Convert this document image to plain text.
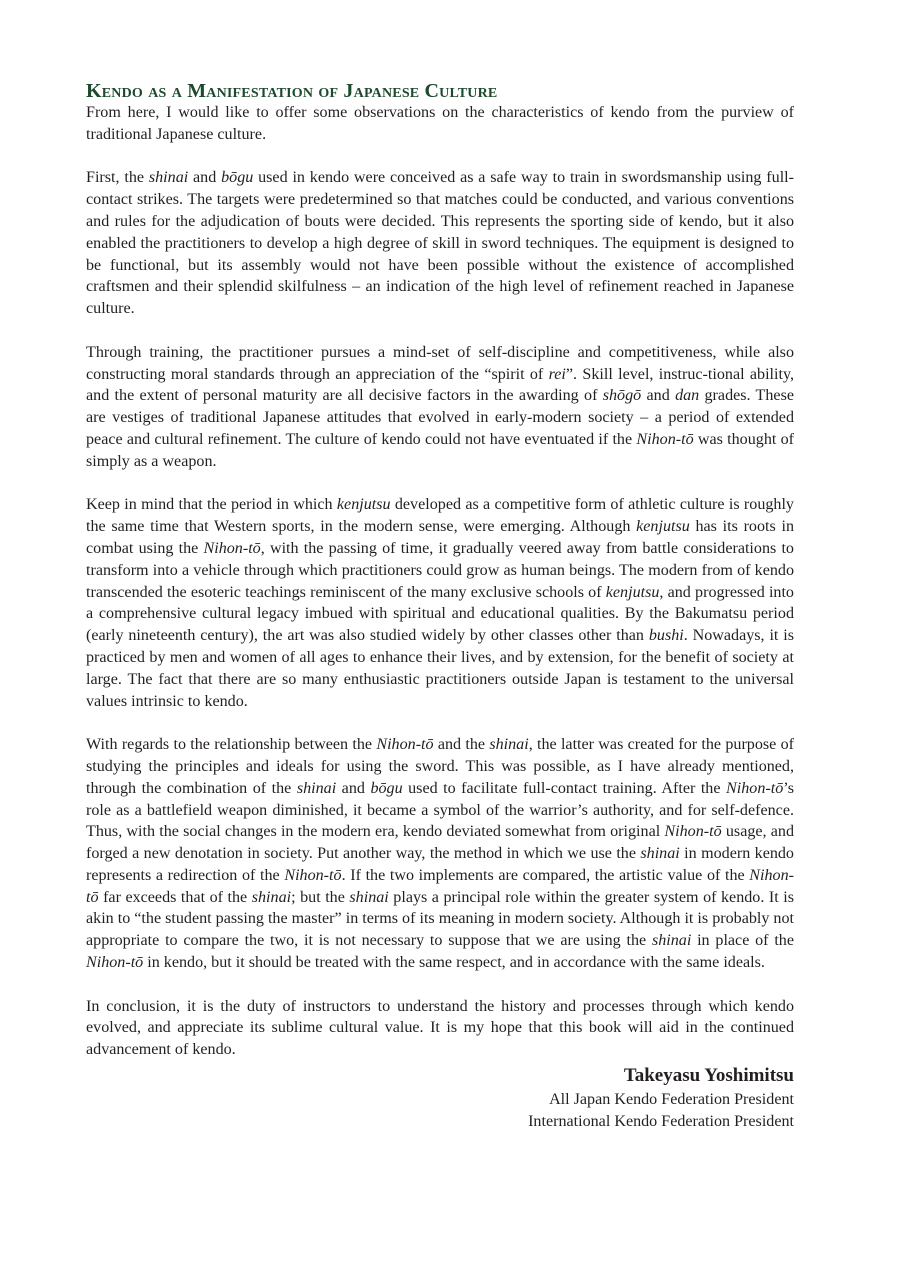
Kendo as a Manifestation of Japanese Culture

From here, I would like to offer some observations on the characteristics of kendo from the purview of traditional Japanese culture.

First, the shinai and bōgu used in kendo were conceived as a safe way to train in swordsmanship using full-contact strikes. The targets were predetermined so that matches could be conducted, and various conventions and rules for the adjudication of bouts were decided. This represents the sporting side of kendo, but it also enabled the practitioners to develop a high degree of skill in sword techniques. The equipment is designed to be functional, but its assembly would not have been possible without the existence of accomplished craftsmen and their splendid skilfulness – an indication of the high level of refinement reached in Japanese culture.

Through training, the practitioner pursues a mind-set of self-discipline and competitiveness, while also constructing moral standards through an appreciation of the “spirit of rei”. Skill level, instruc-tional ability, and the extent of personal maturity are all decisive factors in the awarding of shōgō and dan grades. These are vestiges of traditional Japanese attitudes that evolved in early-modern society – a period of extended peace and cultural refinement. The culture of kendo could not have eventuated if the Nihon-tō was thought of simply as a weapon.

Keep in mind that the period in which kenjutsu developed as a competitive form of athletic culture is roughly the same time that Western sports, in the modern sense, were emerging. Although kenjutsu has its roots in combat using the Nihon-tō, with the passing of time, it gradually veered away from battle considerations to transform into a vehicle through which practitioners could grow as human beings. The modern from of kendo transcended the esoteric teachings reminiscent of the many exclusive schools of kenjutsu, and progressed into a comprehensive cultural legacy imbued with spiritual and educational qualities. By the Bakumatsu period (early nineteenth century), the art was also studied widely by other classes other than bushi. Nowadays, it is practiced by men and women of all ages to enhance their lives, and by extension, for the benefit of society at large. The fact that there are so many enthusiastic practitioners outside Japan is testament to the universal values intrinsic to kendo.

With regards to the relationship between the Nihon-tō and the shinai, the latter was created for the purpose of studying the principles and ideals for using the sword. This was possible, as I have already mentioned, through the combination of the shinai and bōgu used to facilitate full-contact training. After the Nihon-tō’s role as a battlefield weapon diminished, it became a symbol of the warrior’s authority, and for self-defence. Thus, with the social changes in the modern era, kendo deviated somewhat from original Nihon-tō usage, and forged a new denotation in society. Put another way, the method in which we use the shinai in modern kendo represents a redirection of the Nihon-tō. If the two implements are compared, the artistic value of the Nihon-tō far exceeds that of the shinai; but the shinai plays a principal role within the greater system of kendo. It is akin to “the student passing the master” in terms of its meaning in modern society. Although it is probably not appropriate to compare the two, it is not necessary to suppose that we are using the shinai in place of the Nihon-tō in kendo, but it should be treated with the same respect, and in accordance with the same ideals.

In conclusion, it is the duty of instructors to understand the history and processes through which kendo evolved, and appreciate its sublime cultural value. It is my hope that this book will aid in the continued advancement of kendo.

Takeyasu Yoshimitsu
All Japan Kendo Federation President
International Kendo Federation President
